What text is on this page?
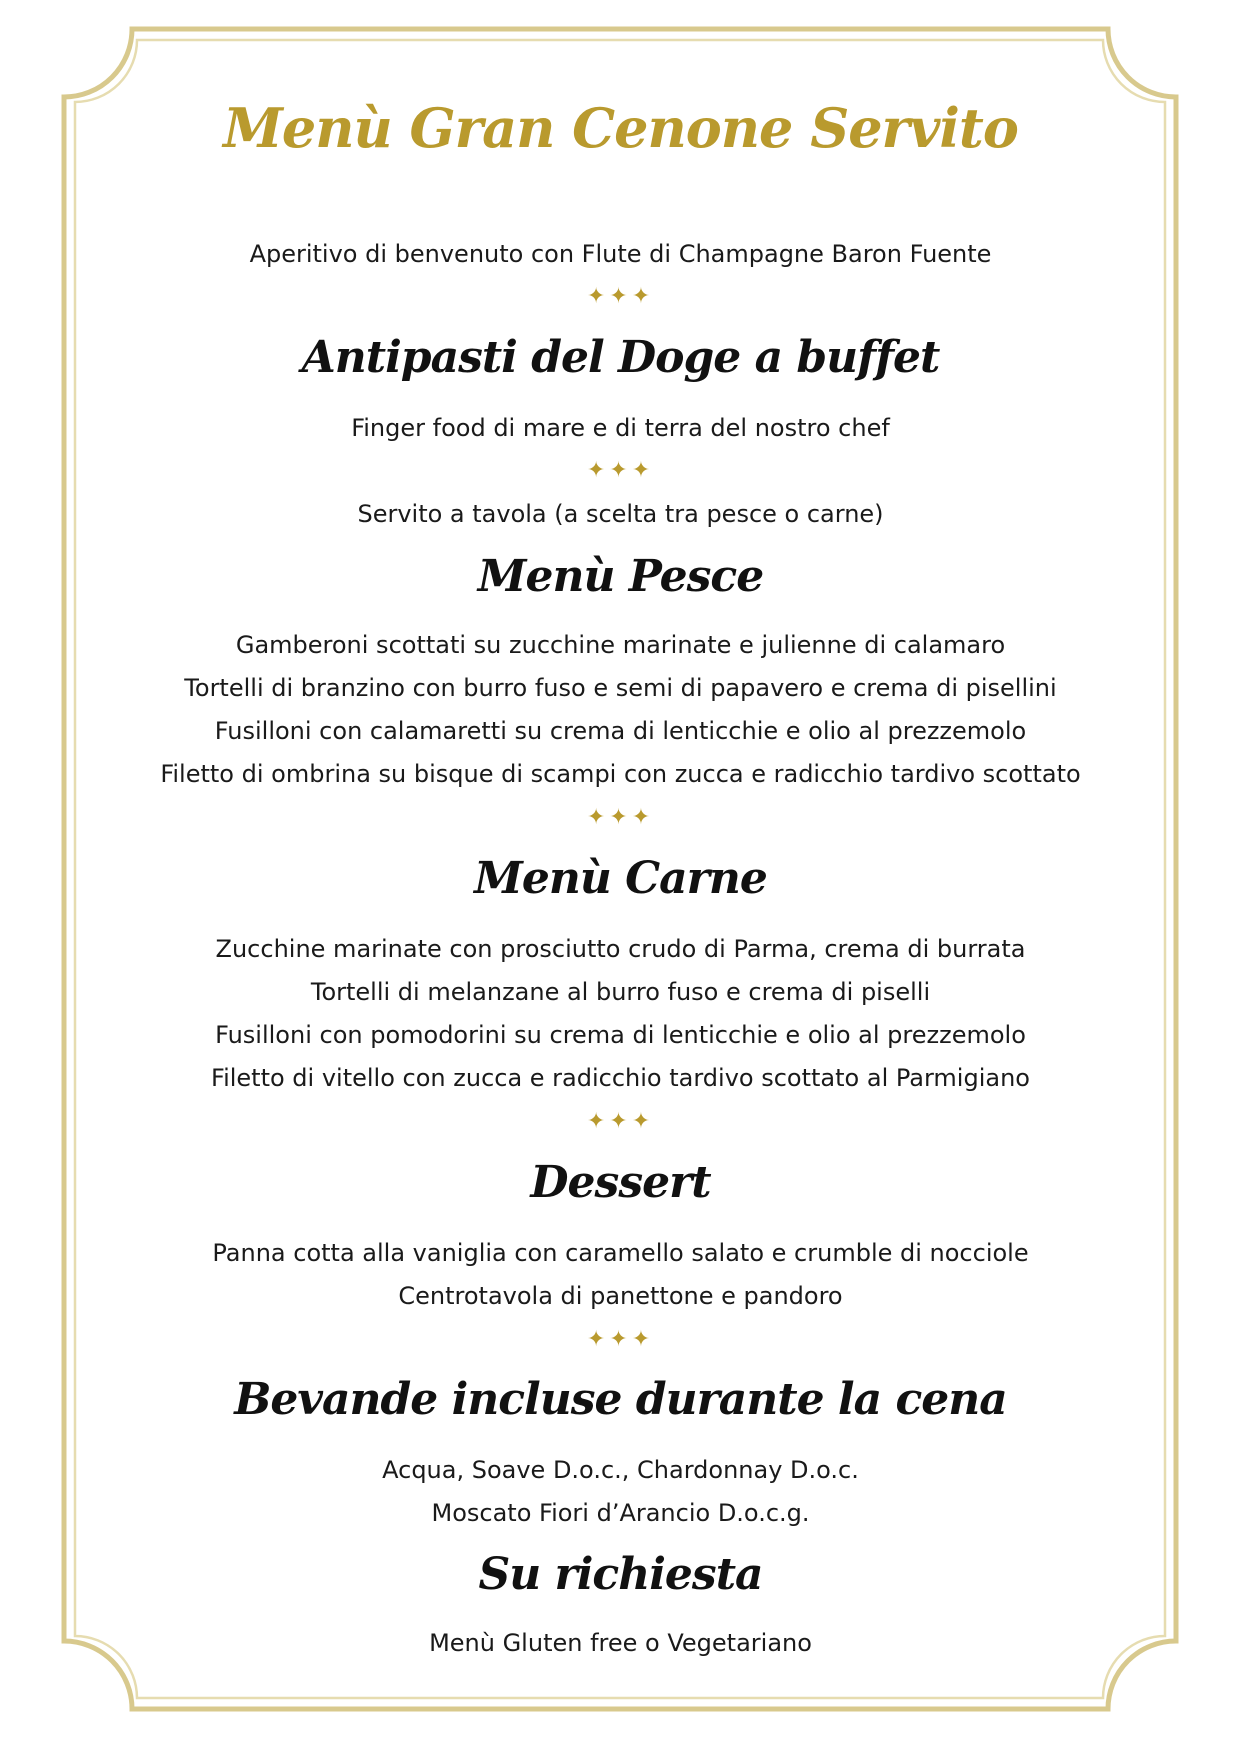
Menù Gran Cenone Servito

Aperitivo di benvenuto con Flute di Champagne Baron Fuente

✦✦✦

Antipasti del Doge a buffet

Finger food di mare e di terra del nostro chef

✦✦✦

Servito a tavola (a scelta tra pesce o carne)

Menù Pesce

Gamberoni scottati su zucchine marinate e julienne di calamaro

Tortelli di branzino con burro fuso e semi di papavero e crema di pisellini

Fusilloni con calamaretti su crema di lenticchie e olio al prezzemolo

Filetto di ombrina su bisque di scampi con zucca e radicchio tardivo scottato

✦✦✦

Menù Carne

Zucchine marinate con prosciutto crudo di Parma, crema di burrata

Tortelli di melanzane al burro fuso e crema di piselli

Fusilloni con pomodorini su crema di lenticchie e olio al prezzemolo

Filetto di vitello con zucca e radicchio tardivo scottato al Parmigiano

✦✦✦

Dessert

Panna cotta alla vaniglia con caramello salato e crumble di nocciole

Centrotavola di panettone e pandoro

✦✦✦

Bevande incluse durante la cena

Acqua, Soave D.o.c., Chardonnay D.o.c.

Moscato Fiori d’Arancio D.o.c.g.

Su richiesta

Menù Gluten free o Vegetariano
